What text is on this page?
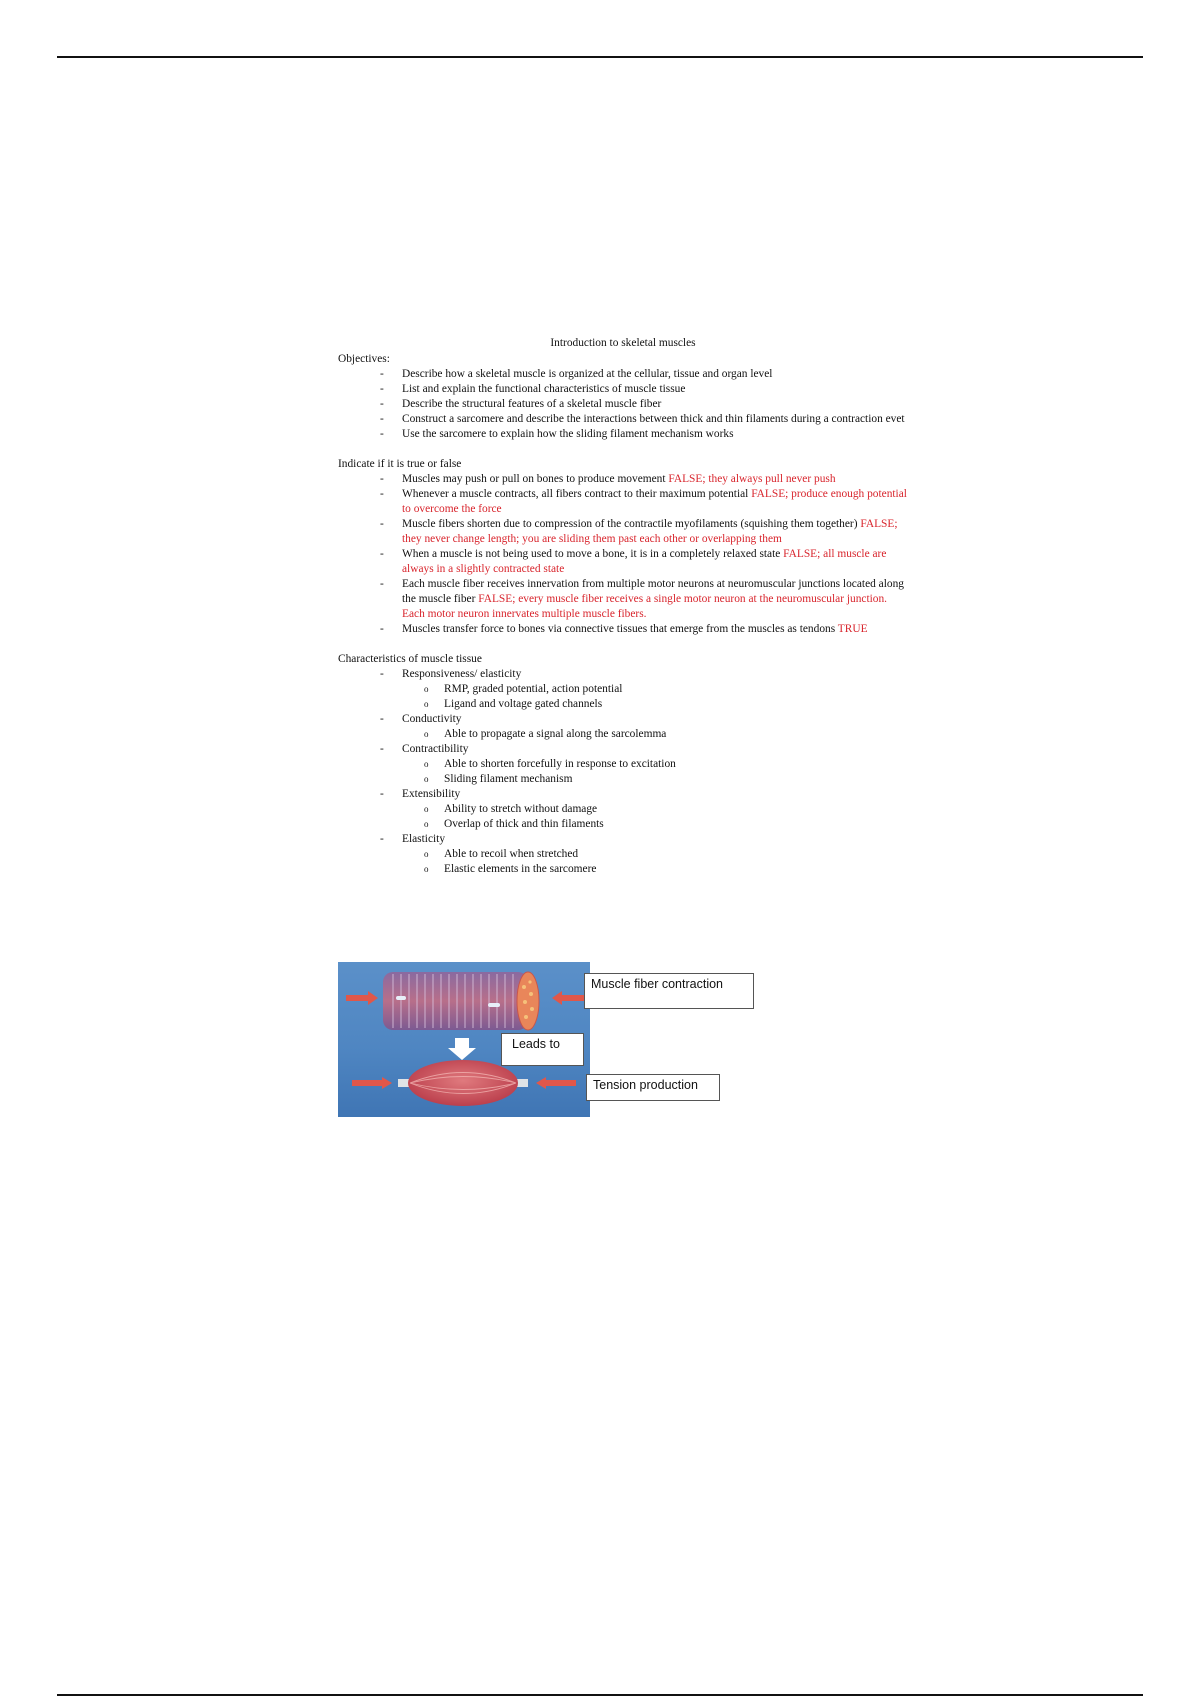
Introduction to skeletal muscles

Objectives:

- Describe how a skeletal muscle is organized at the cellular, tissue and organ level
- List and explain the functional characteristics of muscle tissue
- Describe the structural features of a skeletal muscle fiber
- Construct a sarcomere and describe the interactions between thick and thin filaments during a contraction evet
- Use the sarcomere to explain how the sliding filament mechanism works

Indicate if it is true or false

- Muscles may push or pull on bones to produce movement FALSE; they always pull never push
- Whenever a muscle contracts, all fibers contract to their maximum potential FALSE; produce enough potential to overcome the force
- Muscle fibers shorten due to compression of the contractile myofilaments (squishing them together) FALSE; they never change length; you are sliding them past each other or overlapping them
- When a muscle is not being used to move a bone, it is in a completely relaxed state FALSE; all muscle are always in a slightly contracted state
- Each muscle fiber receives innervation from multiple motor neurons at neuromuscular junctions located along the muscle fiber FALSE; every muscle fiber receives a single motor neuron at the neuromuscular junction. Each motor neuron innervates multiple muscle fibers.
- Muscles transfer force to bones via connective tissues that emerge from the muscles as tendons TRUE

Characteristics of muscle tissue

- Responsiveness/ elasticity
o RMP, graded potential, action potential
o Ligand and voltage gated channels
- Conductivity
o Able to propagate a signal along the sarcolemma
- Contractibility
o Able to shorten forcefully in response to excitation
o Sliding filament mechanism
- Extensibility
o Ability to stretch without damage
o Overlap of thick and thin filaments
- Elasticity
o Able to recoil when stretched
o Elastic elements in the sarcomere
Muscle fiber contraction
Leads to
Tension production
